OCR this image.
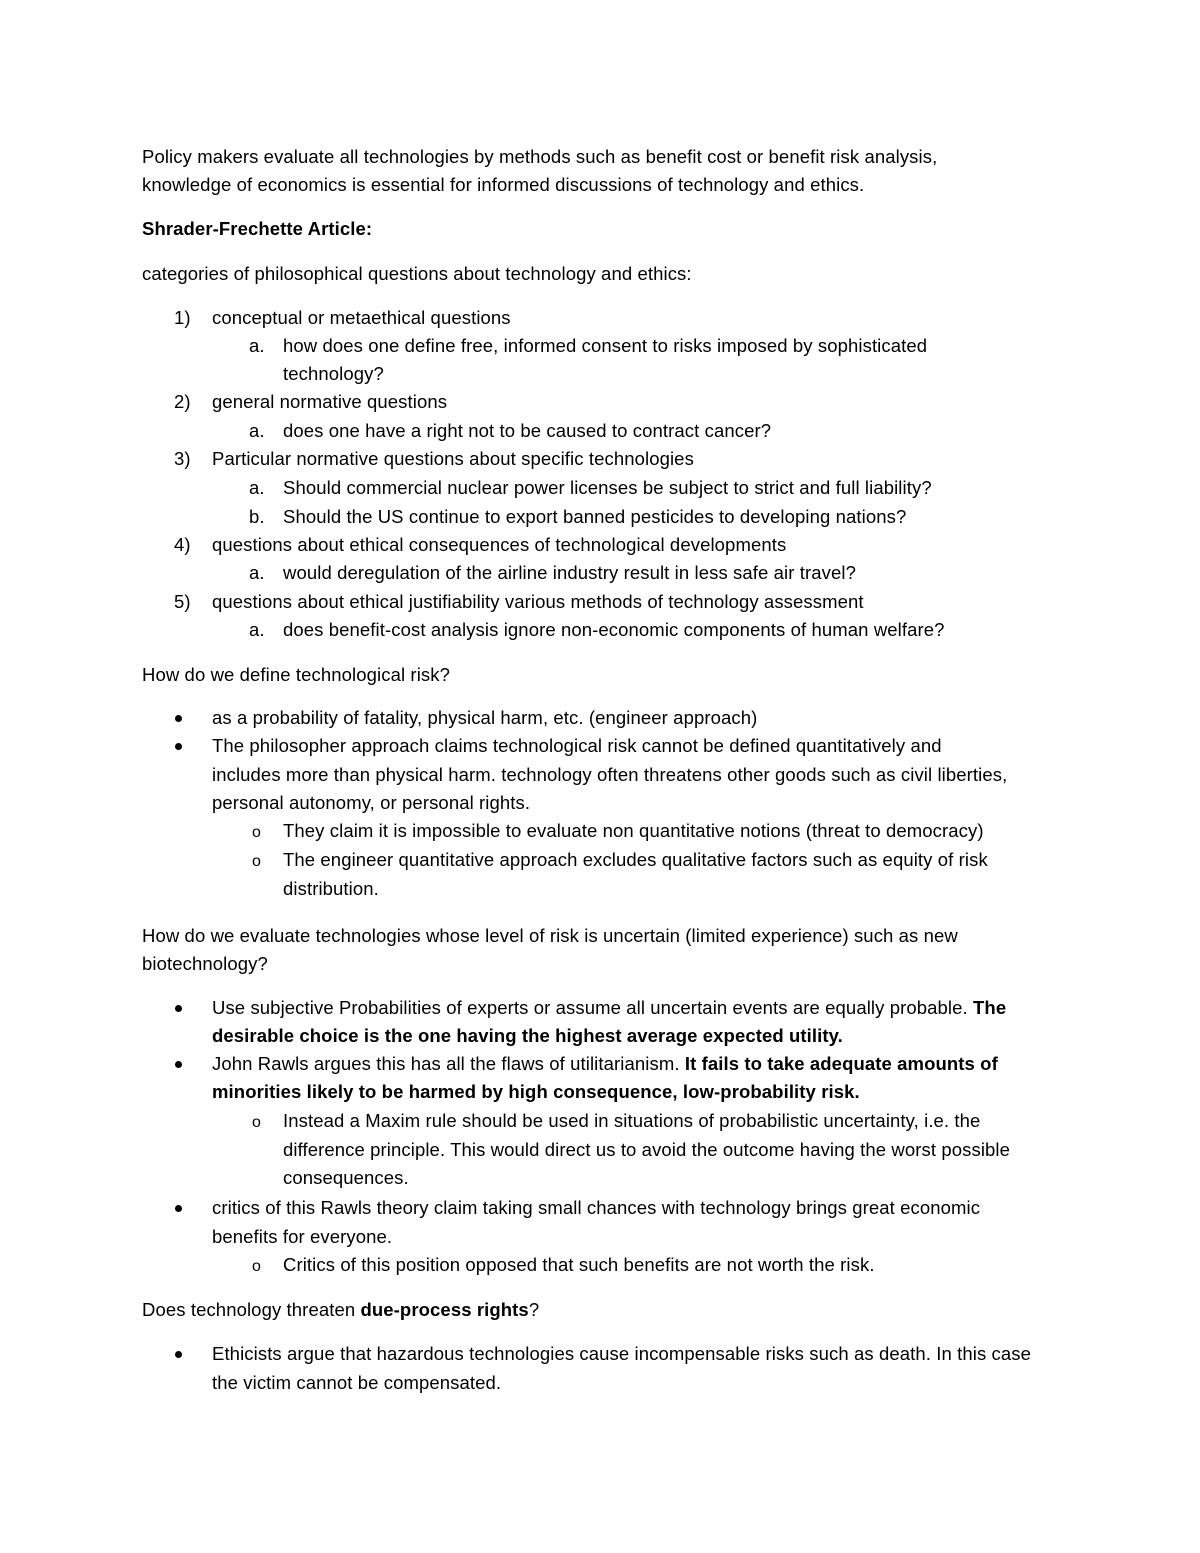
Policy makers evaluate all technologies by methods such as benefit cost or benefit risk analysis,
knowledge of economics is essential for informed discussions of technology and ethics.
Shrader-Frechette Article:
categories of philosophical questions about technology and ethics:
1) conceptual or metaethical questions
a. how does one define free, informed consent to risks imposed by sophisticated
technology?
2) general normative questions
a. does one have a right not to be caused to contract cancer?
3) Particular normative questions about specific technologies
a. Should commercial nuclear power licenses be subject to strict and full liability?
b. Should the US continue to export banned pesticides to developing nations?
4) questions about ethical consequences of technological developments
a. would deregulation of the airline industry result in less safe air travel?
5) questions about ethical justifiability various methods of technology assessment
a. does benefit-cost analysis ignore non-economic components of human welfare?
How do we define technological risk?
as a probability of fatality, physical harm, etc. (engineer approach)
The philosopher approach claims technological risk cannot be defined quantitatively and
includes more than physical harm. technology often threatens other goods such as civil liberties,
personal autonomy, or personal rights.
o They claim it is impossible to evaluate non quantitative notions (threat to democracy)
o The engineer quantitative approach excludes qualitative factors such as equity of risk
distribution.
How do we evaluate technologies whose level of risk is uncertain (limited experience) such as new
biotechnology?
Use subjective Probabilities of experts or assume all uncertain events are equally probable. The
desirable choice is the one having the highest average expected utility.
John Rawls argues this has all the flaws of utilitarianism. It fails to take adequate amounts of
minorities likely to be harmed by high consequence, low-probability risk.
o Instead a Maxim rule should be used in situations of probabilistic uncertainty, i.e. the
difference principle. This would direct us to avoid the outcome having the worst possible
consequences.
critics of this Rawls theory claim taking small chances with technology brings great economic
benefits for everyone.
o Critics of this position opposed that such benefits are not worth the risk.
Does technology threaten due-process rights?
Ethicists argue that hazardous technologies cause incompensable risks such as death. In this case
the victim cannot be compensated.
